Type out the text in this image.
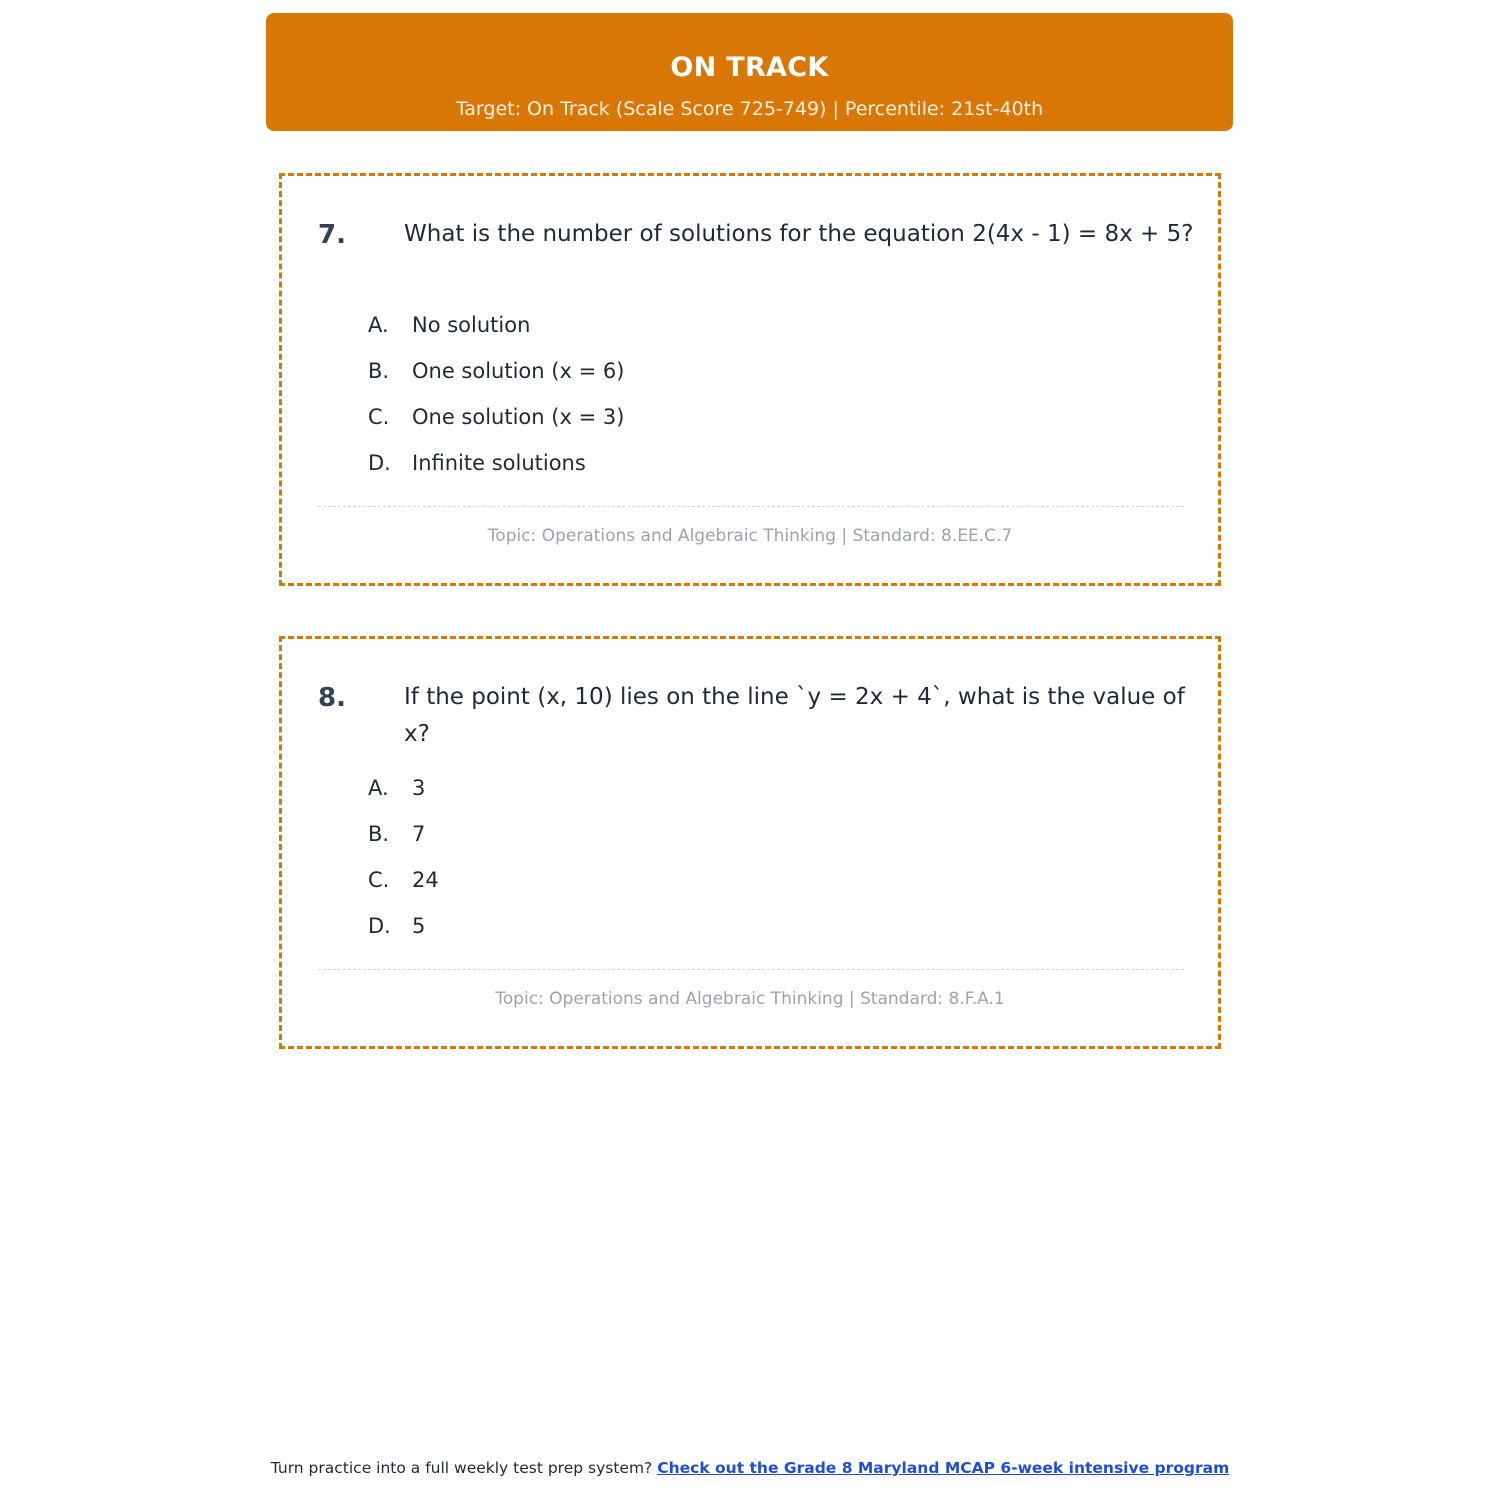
ON TRACK
Target: On Track (Scale Score 725-749) | Percentile: 21st-40th
7.	What is the number of solutions for the equation 2(4x - 1) = 8x + 5?
A. No solution
B. One solution (x = 6)
C. One solution (x = 3)
D. Infinite solutions
Topic: Operations and Algebraic Thinking | Standard: 8.EE.C.7
8.	If the point (x, 10) lies on the line `y = 2x + 4`, what is the value of x?
A. 3
B. 7
C. 24
D. 5
Topic: Operations and Algebraic Thinking | Standard: 8.F.A.1
Turn practice into a full weekly test prep system? Check out the Grade 8 Maryland MCAP 6-week intensive program
